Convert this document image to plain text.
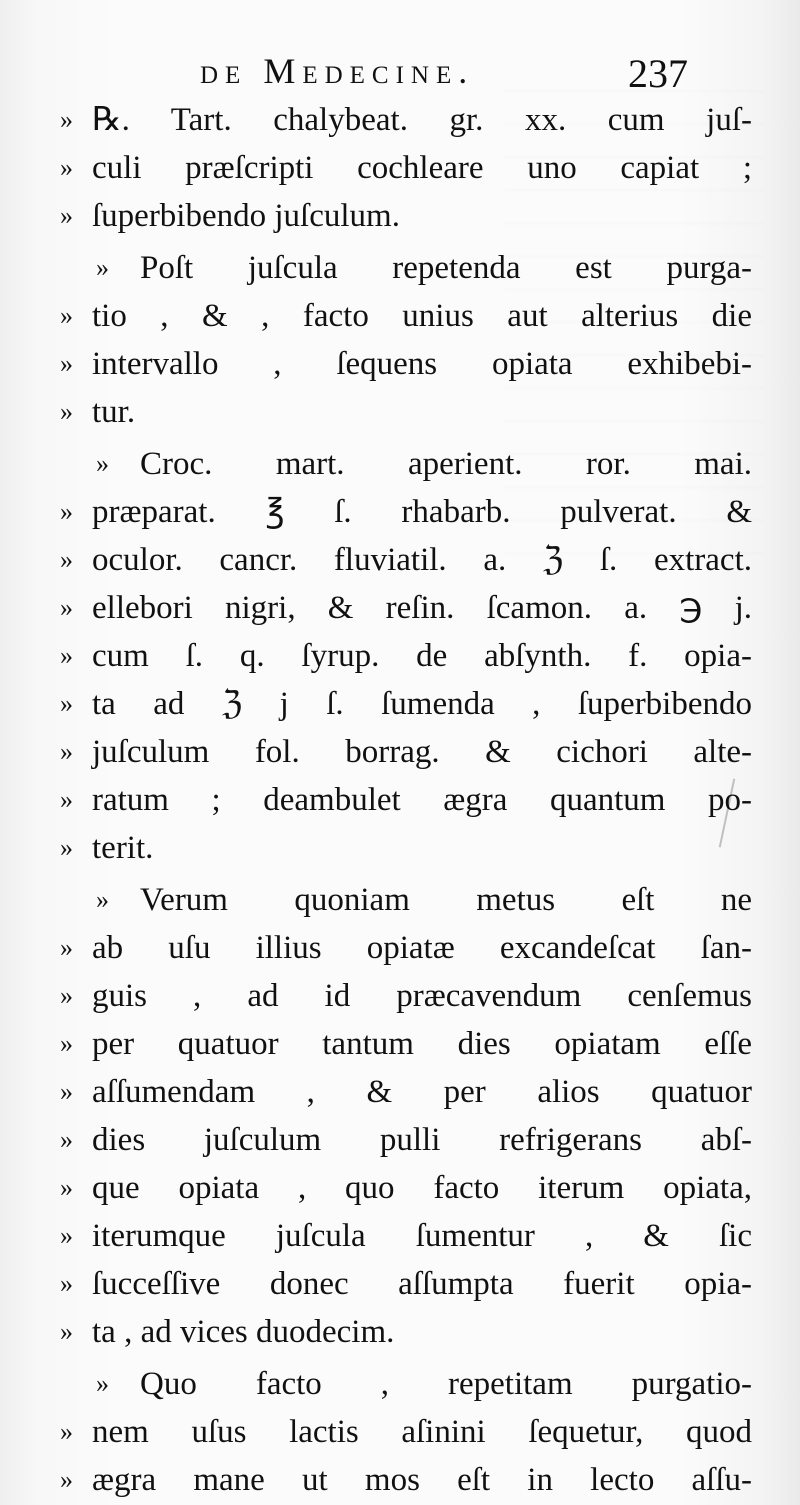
de Medecine.	237
» ℞. Tart. chalybeat. gr. xx. cum juſ-
» culi præſcripti cochleare uno capiat ;
» ſuperbibendo juſculum.
» Poſt juſcula repetenda est purga-
» tio , & , facto unius aut alterius die
» intervallo , ſequens opiata exhibebi-
» tur.
» Croc. mart. aperient. ror. mai.
» præparat. ℥ ſ. rhabarb. pulverat. &
» oculor. cancr. fluviatil. a. ℨ ſ. extract.
» ellebori nigri, & reſin. ſcamon. a. ℈ j.
» cum ſ. q. ſyrup. de abſynth. f. opia-
» ta ad ℨ j ſ. ſumenda , ſuperbibendo
» juſculum fol. borrag. & cichori alte-
» ratum ; deambulet ægra quantum po-
» terit.
» Verum quoniam metus eſt ne
» ab uſu illius opiatæ excandeſcat ſan-
» guis , ad id præcavendum cenſemus
» per quatuor tantum dies opiatam eſſe
» aſſumendam , & per alios quatuor
» dies juſculum pulli refrigerans abſ-
» que opiata , quo facto iterum opiata,
» iterumque juſcula ſumentur , & ſic
» ſucceſſive donec aſſumpta fuerit opia-
» ta , ad vices duodecim.
» Quo facto , repetitam purgatio-
» nem uſus lactis aſinini ſequetur, quod
» ægra mane ut mos eſt in lecto aſſu-
